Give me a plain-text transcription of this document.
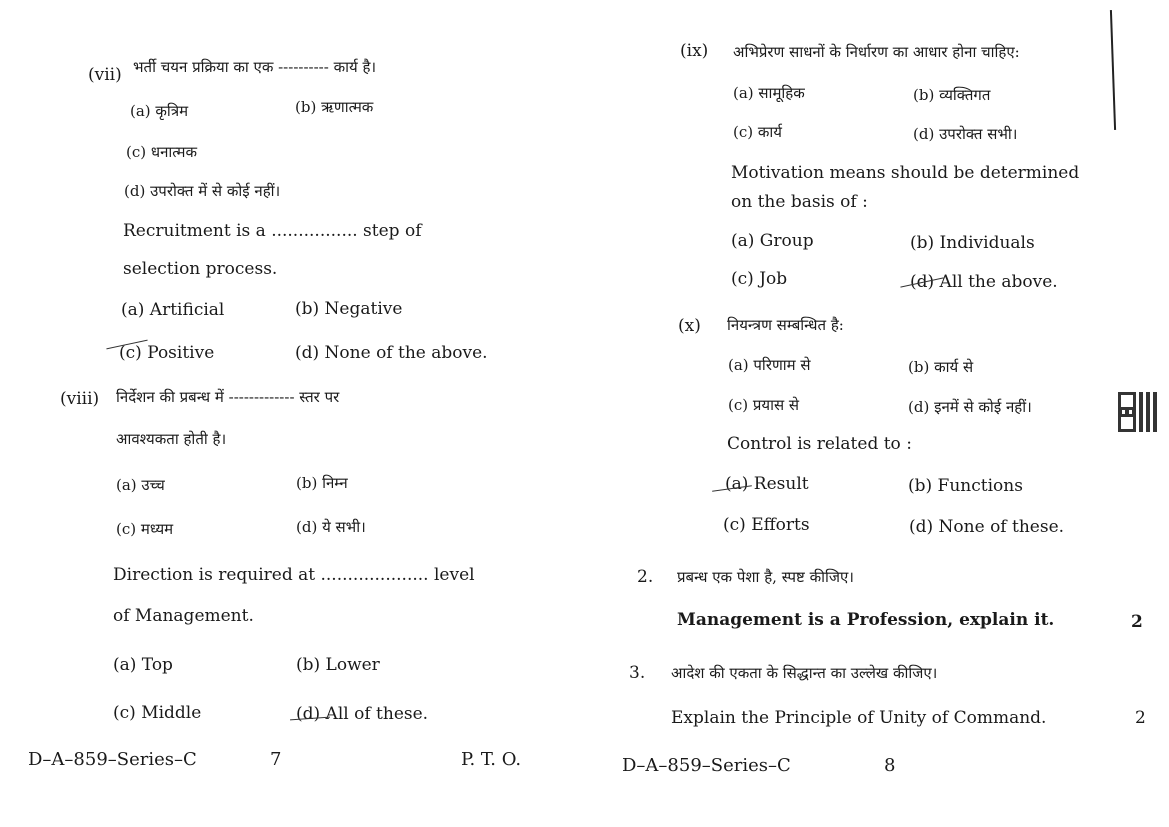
(vii) भर्ती चयन प्रक्रिया का एक ---------- कार्य है।
(a) कृत्रिम	(b) ऋणात्मक
(c) धनात्मक
(d) उपरोक्त में से कोई नहीं।
Recruitment is a ................ step of
selection process.
(a) Artificial	(b) Negative
(c) Positive	(d) None of the above.
(viii) निर्देशन की प्रबन्ध में ------------- स्तर पर
आवश्यकता होती है।
(a) उच्च	(b) निम्न
(c) मध्यम	(d) ये सभी।
Direction is required at .................... level
of Management.
(a) Top	(b) Lower
(c) Middle	(d) All of these.
D–A–859–Series–C	7	P. T. O.
(ix) अभिप्रेरण साधनों के निर्धारण का आधार होना चाहिए:
(a) सामूहिक	(b) व्यक्तिगत
(c) कार्य	(d) उपरोक्त सभी।
Motivation means should be determined
on the basis of :
(a) Group	(b) Individuals
(c) Job	(d) All the above.
(x) नियन्त्रण सम्बन्धित है:
(a) परिणाम से	(b) कार्य से
(c) प्रयास से	(d) इनमें से कोई नहीं।
Control is related to :
(a) Result	(b) Functions
(c) Efforts	(d) None of these.
2. प्रबन्ध एक पेशा है, स्पष्ट कीजिए।
Management is a Profession, explain it.	2
3. आदेश की एकता के सिद्धान्त का उल्लेख कीजिए।
Explain the Principle of Unity of Command.	2
D–A–859–Series–C	8
